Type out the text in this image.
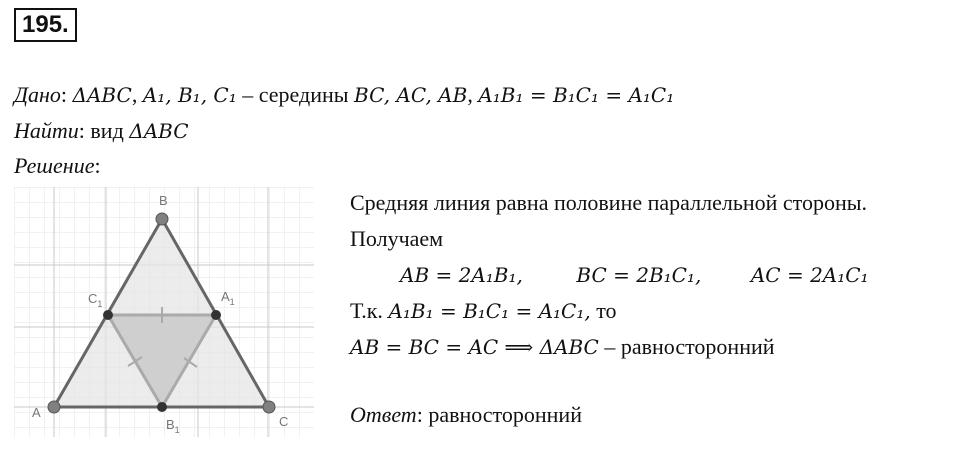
195.
Дано: ΔABC, A₁, B₁, C₁ – середины BC, AC, AB, A₁B₁ = B₁C₁ = A₁C₁
Найти: вид ΔABC
Решение:
B
A
C
$C_1$	$A_1$
$B_1$
Средняя линия равна половине параллельной стороны.
Получаем
AB = 2A₁B₁,	BC = 2B₁C₁, AC = 2A₁C₁
Т.к. A₁B₁ = B₁C₁ = A₁C₁, то
AB = BC = AC ⟹ ΔABC – равносторонний
Ответ: равносторонний
